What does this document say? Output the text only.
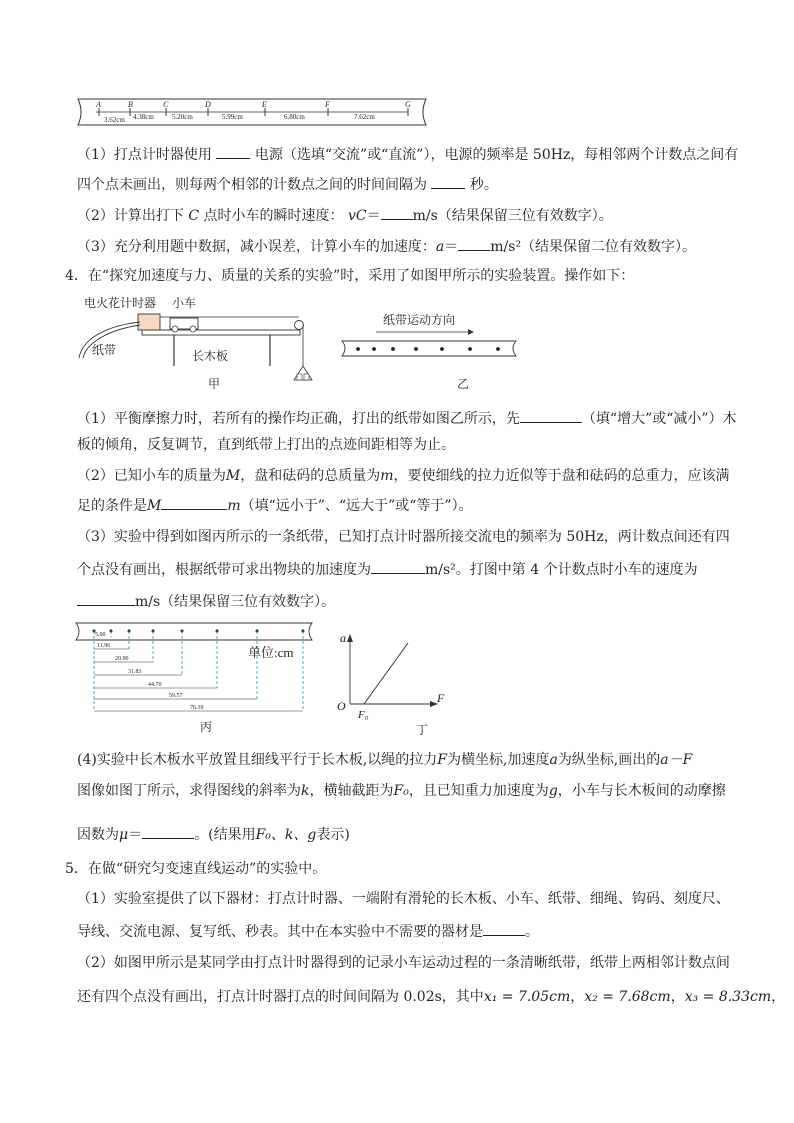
A	B	C	D	E	F	G
3.62cm 4.38cm	5.20cm	5.99cm	6.80cm	7.62cm
（1）打点计时器使用	电源（选填“交流”或“直流”），电源的频率是 50Hz，每相邻两个计数点之间有
四个点未画出，则每两个相邻的计数点之间的时间间隔为	秒。
（2）计算出打下 C 点时小车的瞬时速度： vC＝ m/s（结果保留三位有效数字）。
（3）充分利用题中数据，减小误差，计算小车的加速度：a＝ m/s²（结果保留二位有效数字）。
4．在“探究加速度与力、质量的关系的实验”时，采用了如图甲所示的实验装置。操作如下：
电火花计时器 小车
纸带	长木板
甲
纸带运动方向
乙
（1）平衡摩擦力时，若所有的操作均正确，打出的纸带如图乙所示，先	（填“增大”或“减小”）木
板的倾角，反复调节，直到纸带上打出的点迹间距相等为止。
（2）已知小车的质量为M，盘和砝码的总质量为m，要使细线的拉力近似等于盘和砝码的总重力，应该满
足的条件是M	m（填“远小于”、“远大于”或“等于”）。
（3）实验中得到如图丙所示的一条纸带，已知打点计时器所接交流电的频率为 50Hz，两计数点间还有四
个点没有画出，根据纸带可求出物块的加速度为	m/s²。打图中第 4 个计数点时小车的速度为
m/s（结果保留三位有效数字）。
5.00
11.96
20.90
31.83
44.70
59.57
76.39
单位:cm
丙
O
a
F
F₀
丁
(4)实验中长木板水平放置且细线平行于长木板,以绳的拉力F为横坐标,加速度a为纵坐标,画出的a－F
图像如图丁所示，求得图线的斜率为k，横轴截距为F₀，且已知重力加速度为g，小车与长木板间的动摩擦
因数为μ＝	。(结果用F₀、k、g表示)
5．在做“研究匀变速直线运动”的实验中。
（1）实验室提供了以下器材：打点计时器、一端附有滑轮的长木板、小车、纸带、细绳、钩码、刻度尺、
导线、交流电源、复写纸、秒表。其中在本实验中不需要的器材是	。
（2）如图甲所示是某同学由打点计时器得到的记录小车运动过程的一条清晰纸带，纸带上两相邻计数点间
还有四个点没有画出，打点计时器打点的时间间隔为 0.02s，其中x₁ = 7.05cm，x₂ = 7.68cm，x₃ = 8.33cm，
